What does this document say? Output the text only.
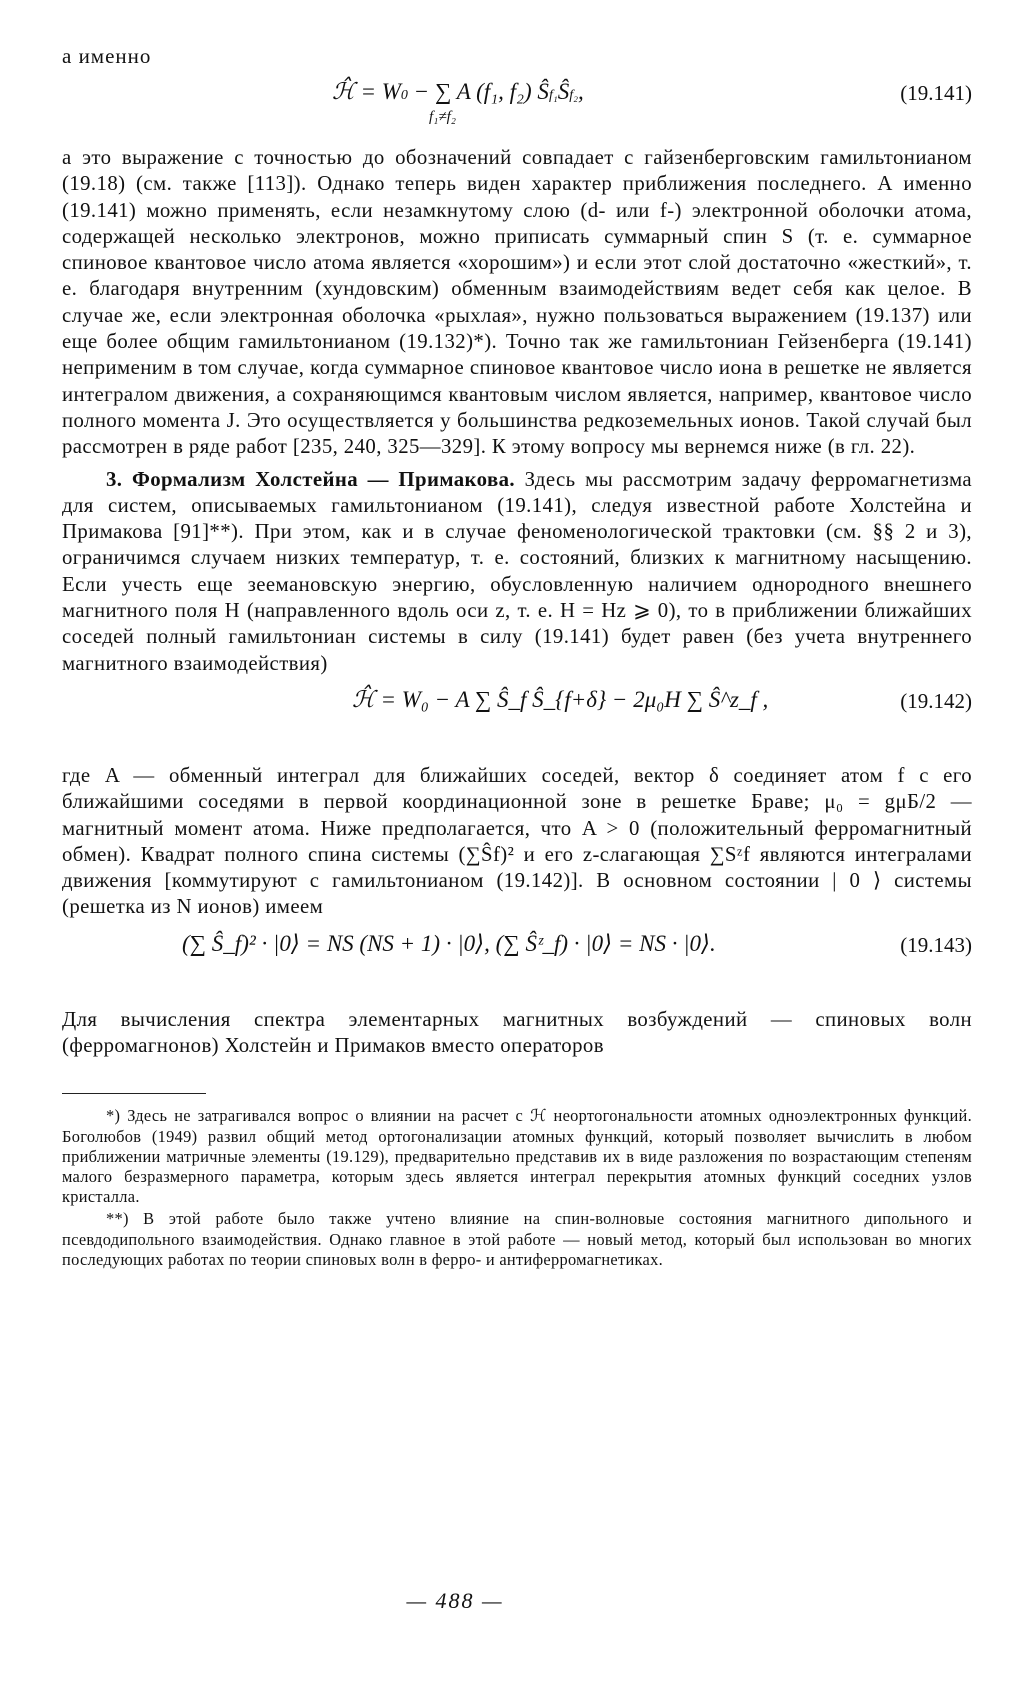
а именно

ℋ̂ = W0 − ∑
f₁≠f₂
A (f₁, f₂) Ŝf₁Ŝf₂,	(19.141)

а это выражение с точностью до обозначений совпадает с гайзенберговским гамильтонианом (19.18) (см. также [113]). Однако теперь виден характер приближения последнего. А именно (19.141) можно применять, если незамкнутому слою (d- или f-) электронной оболочки атома, содержащей несколько электронов, можно приписать суммарный спин S (т. е. суммарное спиновое квантовое число атома является «хорошим») и если этот слой достаточно «жесткий», т. е. благодаря внутренним (хундовским) обменным взаимодействиям ведет себя как целое. В случае же, если электронная оболочка «рыхлая», нужно пользоваться выражением (19.137) или еще более общим гамильтонианом (19.132)*). Точно так же гамильтониан Гейзенберга (19.141) неприменим в том случае, когда суммарное спиновое квантовое число иона в решетке не является интегралом движения, а сохраняющимся квантовым числом является, например, квантовое число полного момента J. Это осуществляется у большинства редкоземельных ионов. Такой случай был рассмотрен в ряде работ [235, 240, 325—329]. К этому вопросу мы вернемся ниже (в гл. 22).

3. Формализм Холстейна — Примакова. Здесь мы рассмотрим задачу ферромагнетизма для систем, описываемых гамильтонианом (19.141), следуя известной работе Холстейна и Примакова [91]**). При этом, как и в случае феноменологической трактовки (см. §§ 2 и 3), ограничимся случаем низких температур, т. е. состояний, близких к магнитному насыщению. Если учесть еще зеемановскую энергию, обусловленную наличием однородного внешнего магнитного поля H (направленного вдоль оси z, т. е. H = Hz ⩾ 0), то в приближении ближайших соседей полный гамильтониан системы в силу (19.141) будет равен (без учета внутреннего магнитного взаимодействия)

ℋ̂ = W₀ − A ∑ Ŝ_f Ŝ_{f+δ} − 2μ₀H ∑ Ŝ^z_f ,	(19.142)

где A — обменный интеграл для ближайших соседей, вектор δ соединяет атом f с его ближайшими соседями в первой координационной зоне в решетке Браве; μ₀ = gμБ/2 — магнитный момент атома. Ниже предполагается, что A > 0 (положительный ферромагнитный обмен). Квадрат полного спина системы (∑Ŝf)² и его z-слагающая ∑Sᶻf являются интегралами движения [коммутируют с гамильтонианом (19.142)]. В основном состоянии | 0 ⟩ системы (решетка из N ионов) имеем

(∑ Ŝ_f)² · |0⟩ = NS (NS + 1) · |0⟩, (∑ Ŝᶻ_f) · |0⟩ = NS · |0⟩.	(19.143)

Для вычисления спектра элементарных магнитных возбуждений — спиновых волн (ферромагнонов) Холстейн и Примаков вместо операторов

*) Здесь не затрагивался вопрос о влиянии на расчет с ℋ неортогональности атомных одноэлектронных функций. Боголюбов (1949) развил общий метод ортогонализации атомных функций, который позволяет вычислить в любом приближении матричные элементы (19.129), предварительно представив их в виде разложения по возрастающим степеням малого безразмерного параметра, которым здесь является интеграл перекрытия атомных функций соседних узлов кристалла.

**) В этой работе было также учтено влияние на спин-волновые состояния магнитного дипольного и псевдодипольного взаимодействия. Однако главное в этой работе — новый метод, который был использован во многих последующих работах по теории спиновых волн в ферро- и антиферромагнетиках.

— 488 —
